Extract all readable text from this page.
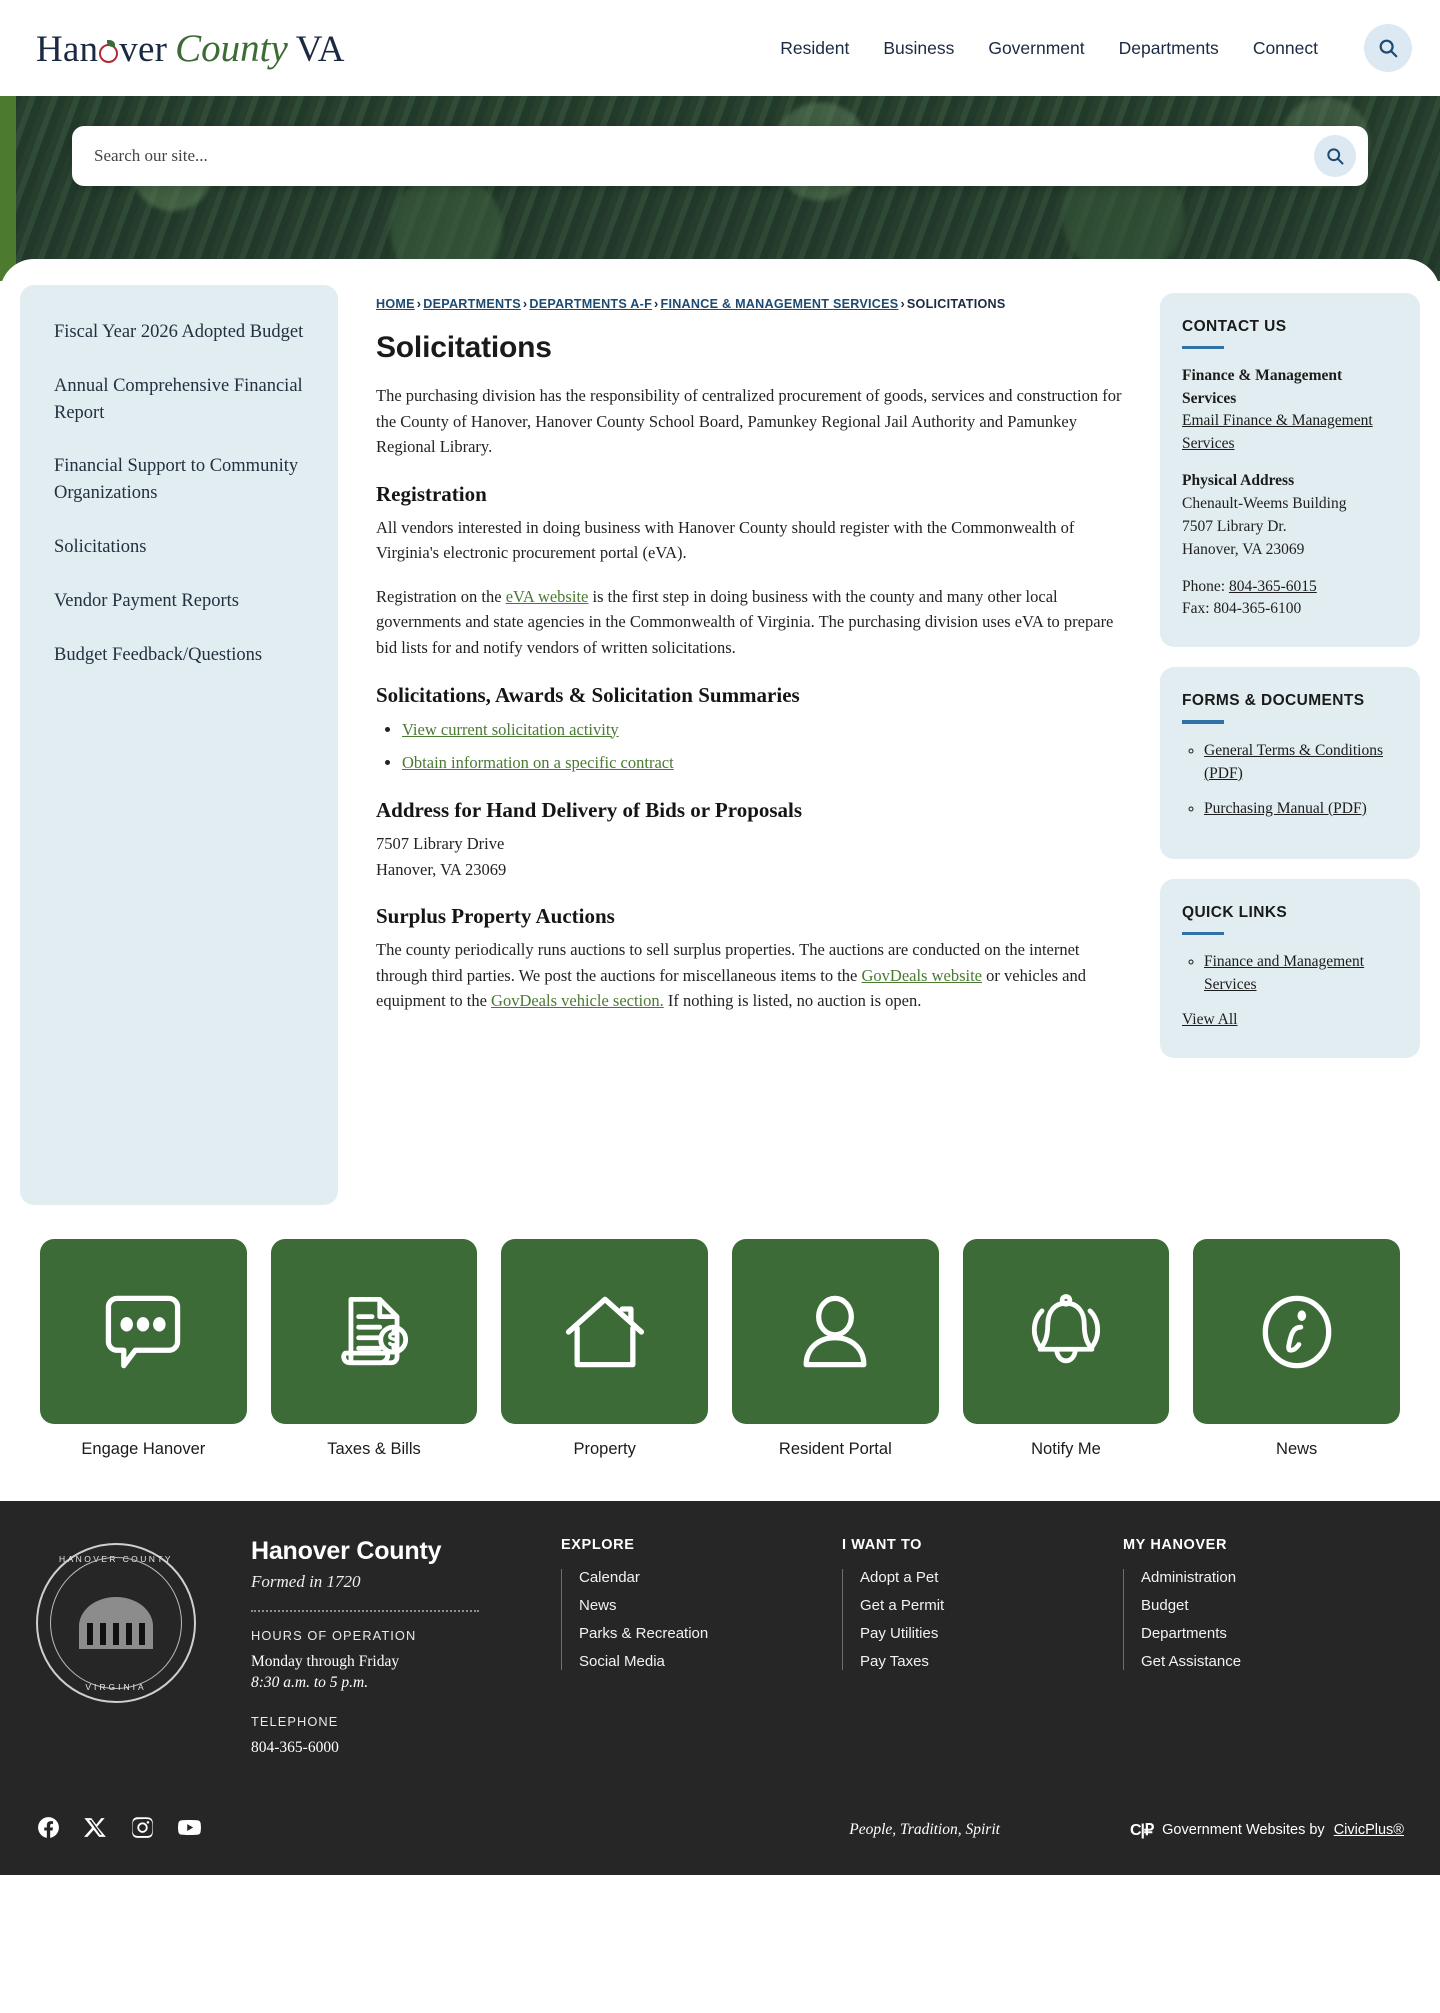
Han ver County VA	Resident Business Government Departments Connect
Search our site...
Fiscal Year 2026 Adopted Budget
Annual Comprehensive Financial Report
Financial Support to Community Organizations
Solicitations
Vendor Payment Reports
Budget Feedback/Questions
HOME › DEPARTMENTS › DEPARTMENTS A-F › FINANCE & MANAGEMENT SERVICES › SOLICITATIONS
Solicitations

The purchasing division has the responsibility of centralized procurement of goods, services and construction for the County of Hanover, Hanover County School Board, Pamunkey Regional Jail Authority and Pamunkey Regional Library.

Registration

All vendors interested in doing business with Hanover County should register with the Commonwealth of Virginia's electronic procurement portal (eVA).

Registration on the eVA website is the first step in doing business with the county and many other local governments and state agencies in the Commonwealth of Virginia. The purchasing division uses eVA to prepare bid lists for and notify vendors of written solicitations.

Solicitations, Awards & Solicitation Summaries
• View current solicitation activity
• Obtain information on a specific contract
Address for Hand Delivery of Bids or Proposals
7507 Library Drive
Hanover, VA 23069
Surplus Property Auctions

The county periodically runs auctions to sell surplus properties. The auctions are conducted on the internet through third parties. We post the auctions for miscellaneous items to the GovDeals website or vehicles and equipment to the GovDeals vehicle section. If nothing is listed, no auction is open.

CONTACT US
Finance & Management Services
Email Finance & Management Services
Physical Address
Chenault-Weems Building
7507 Library Dr.
Hanover, VA 23069
Phone: 804-365-6015
Fax: 804-365-6100
FORMS & DOCUMENTS
◦ General Terms & Conditions (PDF)
◦ Purchasing Manual (PDF)
QUICK LINKS
◦ Finance and Management Services
View All
Engage Hanover	Taxes & Bills	Property	Resident Portal	Notify Me	News
HANOVER COUNTY
VIRGINIA
Hanover County
Formed in 1720
HOURS OF OPERATION
Monday through Friday
8:30 a.m. to 5 p.m.
TELEPHONE
804-365-6000
EXPLORE
Calendar
News
Parks & Recreation
Social Media
I WANT TO
Adopt a Pet
Get a Permit
Pay Utilities
Pay Taxes
MY HANOVER
Administration
Budget
Departments
Get Assistance
People, Tradition, Spirit	C|₽ Government Websites by CivicPlus®
